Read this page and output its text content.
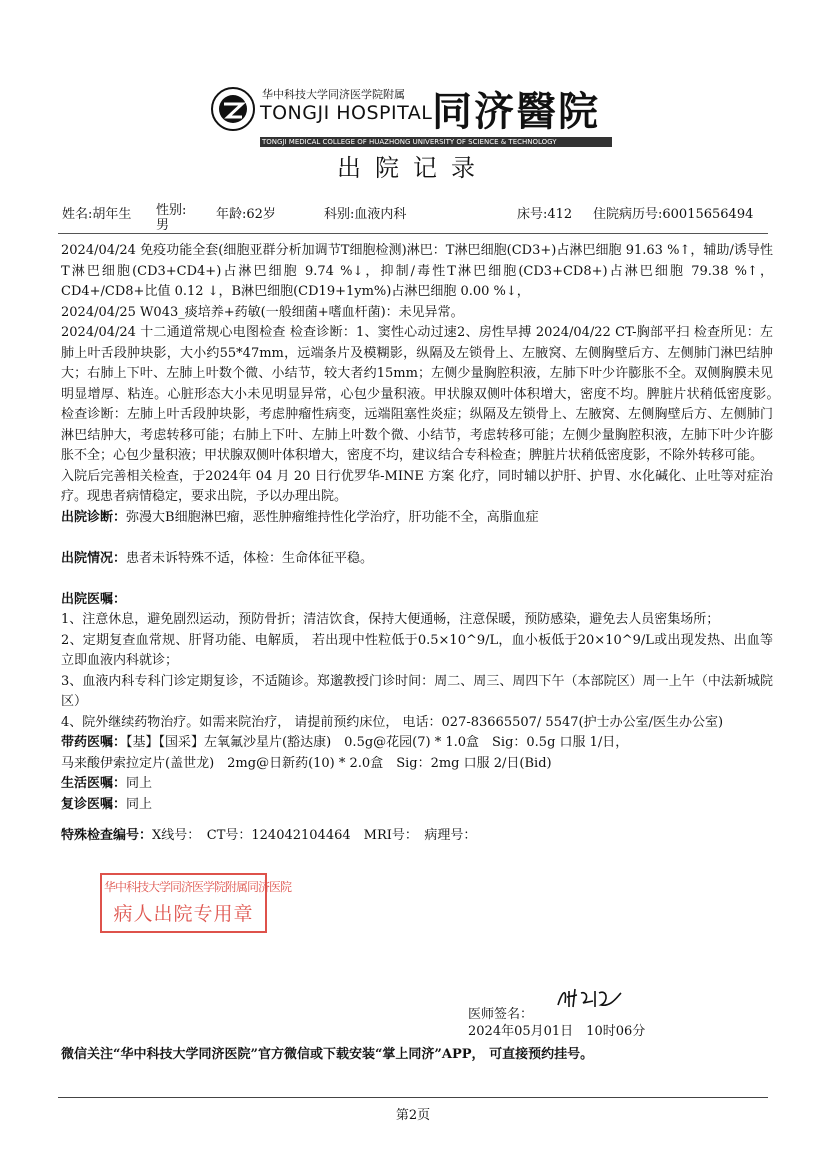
华中科技大学同济医学院附属
TONGJI HOSPITAL 同济醫院
TONGJI MEDICAL COLLEGE OF HUAZHONG UNIVERSITY OF SCIENCE & TECHNOLOGY
出院记录
姓名:胡年生 性别:男
年龄:62岁	科别:血液内科	床号:412 住院病历号:60015656494

2024/04/24 免疫功能全套(细胞亚群分析加调节T细胞检测)淋巴：T淋巴细胞(CD3+)占淋巴细胞 91.63 %↑，辅助/诱导性T淋巴细胞(CD3+CD4+)占淋巴细胞 9.74 %↓，抑制/毒性T淋巴细胞(CD3+CD8+)占淋巴细胞 79.38 %↑，CD4+/CD8+比值 0.12 ↓，B淋巴细胞(CD19+1ym%)占淋巴细胞 0.00 %↓，

2024/04/25 W043_痰培养+药敏(一般细菌+嗜血杆菌)：未见异常。

2024/04/24 十二通道常规心电图检查 检查诊断：1、窦性心动过速2、房性早搏 2024/04/22 CT-胸部平扫 检查所见：左肺上叶舌段肿块影，大小约55*47mm，远端条片及模糊影，纵隔及左锁骨上、左腋窝、左侧胸壁后方、左侧肺门淋巴结肿大；右肺上下叶、左肺上叶数个微、小结节，较大者约15mm；左侧少量胸腔积液，左肺下叶少许膨胀不全。双侧胸膜未见明显增厚、粘连。心脏形态大小未见明显异常，心包少量积液。甲状腺双侧叶体积增大，密度不均。脾脏片状稍低密度影。　检查诊断：左肺上叶舌段肿块影，考虑肿瘤性病变，远端阻塞性炎症；纵隔及左锁骨上、左腋窝、左侧胸壁后方、左侧肺门淋巴结肿大，考虑转移可能；右肺上下叶、左肺上叶数个微、小结节，考虑转移可能；左侧少量胸腔积液，左肺下叶少许膨胀不全；心包少量积液；甲状腺双侧叶体积增大，密度不均，建议结合专科检查；脾脏片状稍低密度影，不除外转移可能。

入院后完善相关检查，于2024年 04 月 20 日行优罗华-MINE 方案 化疗，同时辅以护肝、护胃、水化碱化、止吐等对症治疗。现患者病情稳定，要求出院，予以办理出院。

出院诊断：弥漫大B细胞淋巴瘤，恶性肿瘤维持性化学治疗，肝功能不全，高脂血症

出院情况：患者未诉特殊不适，体检：生命体征平稳。

出院医嘱：

1、注意休息，避免剧烈运动，预防骨折；清洁饮食，保持大便通畅，注意保暖，预防感染，避免去人员密集场所；

2、定期复查血常规、肝肾功能、电解质， 若出现中性粒低于0.5×10^9/L，血小板低于20×10^9/L或出现发热、出血等立即血液内科就诊；

3、血液内科专科门诊定期复诊，不适随诊。郑邈教授门诊时间：周二、周三、周四下午（本部院区）周一上午（中法新城院区）

4、院外继续药物治疗。如需来院治疗， 请提前预约床位， 电话：027-83665507/ 5547(护士办公室/医生办公室)

带药医嘱：【基】【国采】左氧氟沙星片(豁达康)　0.5g@花园(7) * 1.0盒　Sig：0.5g 口服 1/日，

马来酸伊索拉定片(盖世龙)　2mg@日新药(10) * 2.0盒　Sig：2mg 口服 2/日(Bid)

生活医嘱：同上

复诊医嘱：同上

特殊检查编号：X线号：　CT号：124042104464　MRI号：　病理号：

华中科技大学同济医学院附属同济医院
病人出院专用章
医师签名：
2024年05月01日　10时06分
微信关注“华中科技大学同济医院”官方微信或下载安装“掌上同济”APP， 可直接预约挂号。
第2页
